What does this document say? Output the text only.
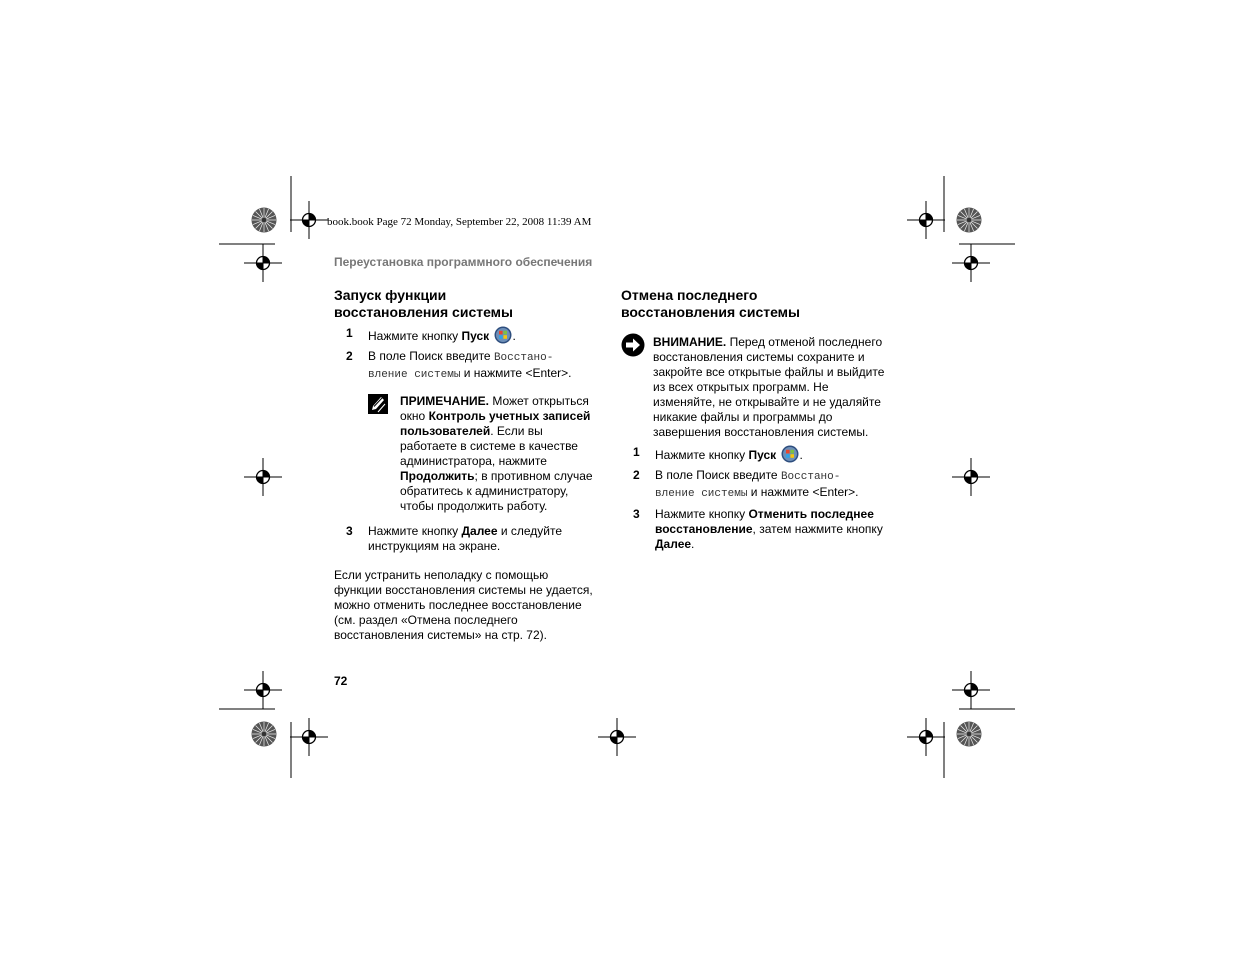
book.book Page 72 Monday, September 22, 2008 11:39 AM
Переустановка программного обеспечения
Запуск функции
восстановления системы
1	Нажмите кнопку Пуск .
2	В поле Поиск введите Восстано-
вление системы и нажмите <Enter>.
ПРИМЕЧАНИЕ. Может открыться окно Контроль учетных записей пользователей. Если вы работаете в системе в качестве администратора, нажмите Продолжить; в противном случае обратитесь к администратору, чтобы продолжить работу.
3	Нажмите кнопку Далее и следуйте инструкциям на экране.
Если устранить неполадку с помощью функции восстановления системы не удается, можно отменить последнее восстановление (см. раздел «Отмена последнего восстановления системы» на стр. 72).
Отмена последнего
восстановления системы
ВНИМАНИЕ. Перед отменой последнего восстановления системы сохраните и закройте все открытые файлы и выйдите из всех открытых программ. Не изменяйте, не открывайте и не удаляйте никакие файлы и программы до завершения восстановления системы.
1	Нажмите кнопку Пуск .
2	В поле Поиск введите Восстано-
вление системы и нажмите <Enter>.
3	Нажмите кнопку Отменить последнее восстановление, затем нажмите кнопку Далее.
72
